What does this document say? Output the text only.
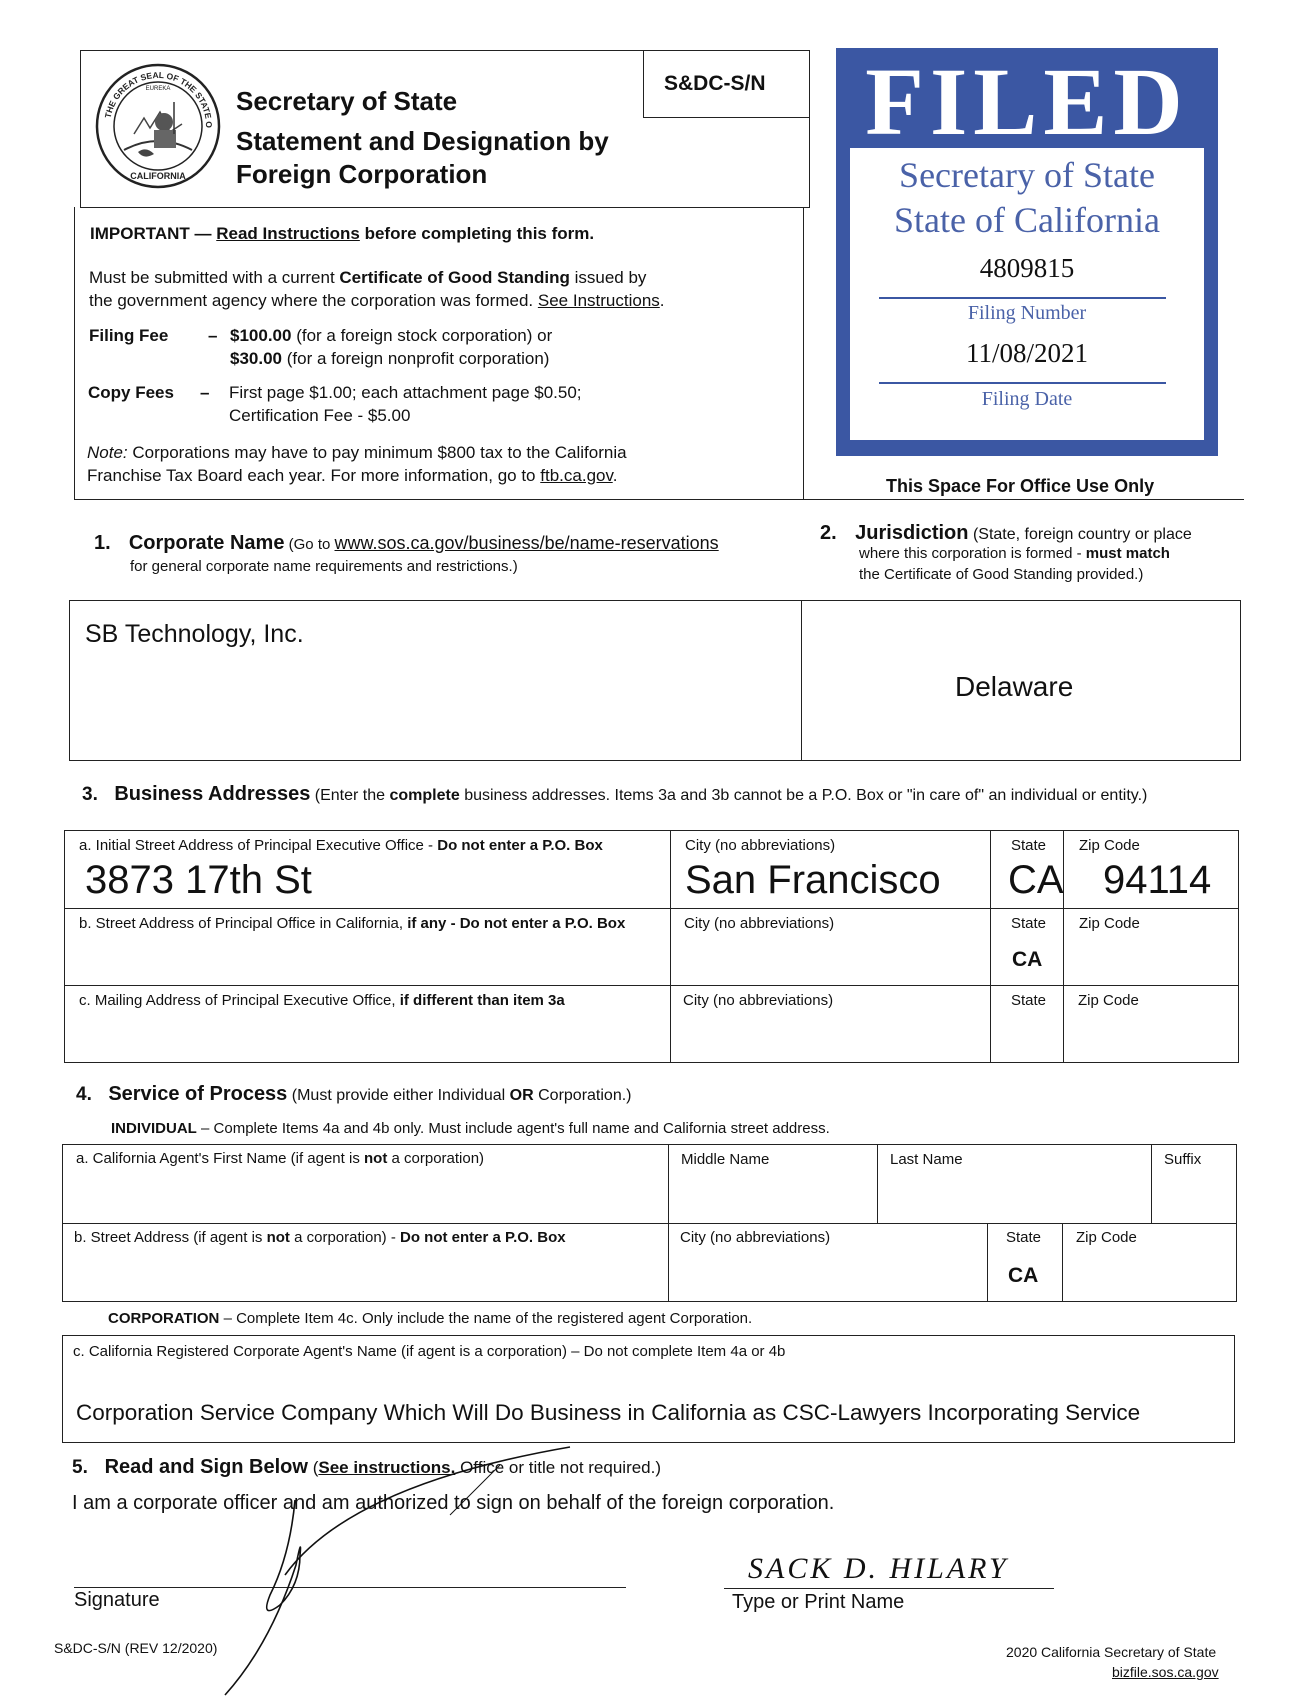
S&DC-S/N
THE GREAT SEAL OF THE STATE O
CALIFORNIA
EUREKA	Secretary of State
Statement and Designation by
Foreign Corporation
IMPORTANT — Read Instructions before completing this form.
Must be submitted with a current Certificate of Good Standing issued by
the government agency where the corporation was formed. See Instructions.
Filing Fee – $100.00 (for a foreign stock corporation) or
$30.00 (for a foreign nonprofit corporation)
Copy Fees – First page $1.00; each attachment page $0.50;
Certification Fee - $5.00
Note: Corporations may have to pay minimum $800 tax to the California
Franchise Tax Board each year. For more information, go to ftb.ca.gov.
FILED
Secretary of State
State of California
4809815
Filing Number
11/08/2021
Filing Date
This Space For Office Use Only
1. Corporate Name (Go to www.sos.ca.gov/business/be/name-reservations
for general corporate name requirements and restrictions.)
2. Jurisdiction (State, foreign country or place
where this corporation is formed - must match
the Certificate of Good Standing provided.)
SB Technology, Inc.
Delaware
3. Business Addresses (Enter the complete business addresses. Items 3a and 3b cannot be a P.O. Box or "in care of" an individual or entity.)
a. Initial Street Address of Principal Executive Office - Do not enter a P.O. Box	City (no abbreviations)	State Zip Code
3873 17th St	San Francisco CA 94114
b. Street Address of Principal Office in California, if any - Do not enter a P.O. Box	City (no abbreviations)	State Zip Code
CA
c. Mailing Address of Principal Executive Office, if different than item 3a	City (no abbreviations)	State Zip Code
4. Service of Process (Must provide either Individual OR Corporation.)
INDIVIDUAL – Complete Items 4a and 4b only. Must include agent's full name and California street address.
a. California Agent's First Name (if agent is not a corporation)	Middle Name	Last Name	Suffix
b. Street Address (if agent is not a corporation) - Do not enter a P.O. Box	City (no abbreviations)	State Zip Code
CA
CORPORATION – Complete Item 4c. Only include the name of the registered agent Corporation.
c. California Registered Corporate Agent's Name (if agent is a corporation) – Do not complete Item 4a or 4b
Corporation Service Company Which Will Do Business in California as CSC-Lawyers Incorporating Service
5. Read and Sign Below (See instructions. Office or title not required.)
I am a corporate officer and am authorized to sign on behalf of the foreign corporation.
Signature	Type or Print Name
SACK D. HILARY
S&DC-S/N (REV 12/2020)	2020 California Secretary of State
bizfile.sos.ca.gov
